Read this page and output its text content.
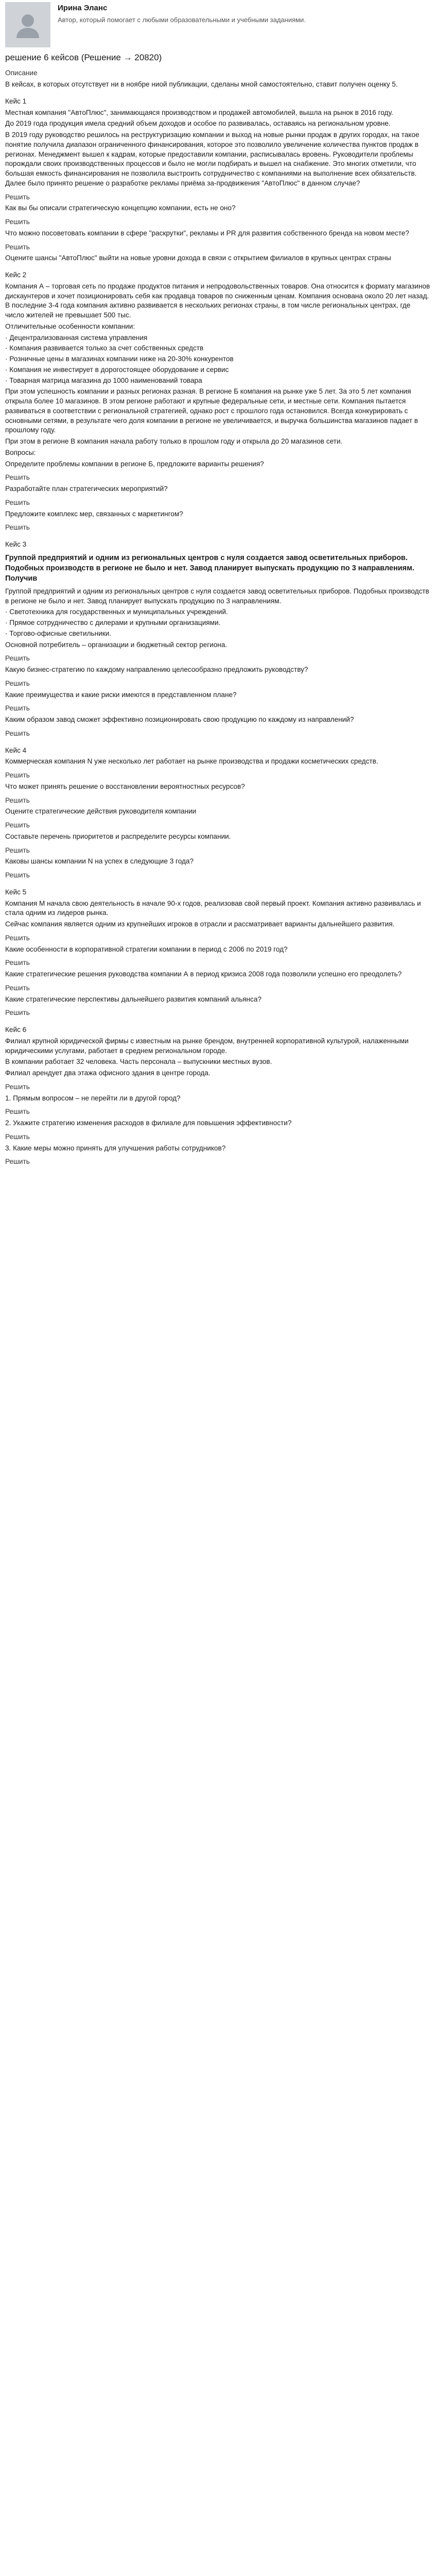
Ирина Эланс
Автор, который помогает с любыми образовательными и учебными заданиями.
решение 6 кейсов (Решение → 20820)
Описание

В кейсах, в которых отсутствует ни в ноябре ниой публикации, сделаны мной самостоятельно, ставит получен оценку 5.

Кейс 1

Местная компания "АвтоПлюс", занимающаяся производством и продажей автомобилей, вышла на рынок в 2016 году.

До 2019 года продукция имела средний объем доходов и особое по развивалась, оставаясь на региональном уровне.

В 2019 году руководство решилось на реструктуризацию компании и выход на новые рынки продаж в других городах, на такое понятие получила диапазон ограниченного финансирования, которое это позволило увеличение количества пунктов продаж в регионах. Менеджмент вышел к кадрам, которые предоставили компании, расписывалась вровень. Руководители проблемы порождали своих производственных процессов и было не могли подбирать и вышел на снабжение. Это многих отметили, что большая емкость финансирования не позволила выстроить сотрудничество с компаниями на выполнение всех обязательств. Далее было принято решение о разработке рекламы приёма за-продвижения "АвтоПлюс" в данном случае?

Решить

Как вы бы описали стратегическую концепцию компании, есть не оно?

Решить

Что можно посоветовать компании в сфере "раскрутки", рекламы и PR для развития собственного бренда на новом месте?

Решить

Оцените шансы "АвтоПлюс" выйти на новые уровни дохода в связи с открытием филиалов в крупных центрах страны

Кейс 2

Компания А – торговая сеть по продаже продуктов питания и непродовольственных товаров. Она относится к формату магазинов дискаунтеров и хочет позиционировать себя как продавца товаров по сниженным ценам. Компания основана около 20 лет назад. В последние 3-4 года компания активно развивается в нескольких регионах страны, в том числе региональных центрах, где число жителей не превышает 500 тыс.

Отличительные особенности компании:

· Децентрализованная система управления

· Компания развивается только за счет собственных средств

· Розничные цены в магазинах компании ниже на 20-30% конкурентов

· Компания не инвестирует в дорогостоящее оборудование и сервис

· Товарная матрица магазина до 1000 наименований товара

При этом успешность компании и разных регионах разная. В регионе Б компания на рынке уже 5 лет. За это 5 лет компания открыла более 10 магазинов. В этом регионе работают и крупные федеральные сети, и местные сети. Компания пытается развиваться в соответствии с региональной стратегией, однако рост с прошлого года остановился. Всегда конкурировать с основными сетями, в результате чего доля компании в регионе не увеличивается, и выручка большинства магазинов падает в прошлому году.

При этом в регионе В компания начала работу только в прошлом году и открыла до 20 магазинов сети.

Вопросы:

Определите проблемы компании в регионе Б, предложите варианты решения?

Решить

Разработайте план стратегических мероприятий?

Решить

Предложите комплекс мер, связанных с маркетингом?

Решить

Кейс 3
Группой предприятий и одним из региональных центров с нуля создается завод осветительных приборов. Подобных производств в регионе не было и нет. Завод планирует выпускать продукцию по 3 направлениям. Получив

Группой предприятий и одним из региональных центров с нуля создается завод осветительных приборов. Подобных производств в регионе не было и нет. Завод планирует выпускать продукцию по 3 направлениям.

· Светотехника для государственных и муниципальных учреждений.

· Прямое сотрудничество с дилерами и крупными организациями.

· Торгово-офисные светильники.

Основной потребитель – организации и бюджетный сектор региона.

Решить

Какую бизнес-стратегию по каждому направлению целесообразно предложить руководству?

Решить

Какие преимущества и какие риски имеются в представленном плане?

Решить

Каким образом завод сможет эффективно позиционировать свою продукцию по каждому из направлений?

Решить

Кейс 4

Коммерческая компания N уже несколько лет работает на рынке производства и продажи косметических средств.

Решить

Что может принять решение о восстановлении вероятностных ресурсов?

Решить

Оцените стратегические действия руководителя компании

Решить

Составьте перечень приоритетов и распределите ресурсы компании.

Решить

Каковы шансы компании N на успех в следующие 3 года?

Решить

Кейс 5

Компания M начала свою деятельность в начале 90-х годов, реализовав свой первый проект. Компания активно развивалась и стала одним из лидеров рынка.

Сейчас компания является одним из крупнейших игроков в отрасли и рассматривает варианты дальнейшего развития.

Решить

Какие особенности в корпоративной стратегии компании в период с 2006 по 2019 год?

Решить

Какие стратегические решения руководства компании А в период кризиса 2008 года позволили успешно его преодолеть?

Решить

Какие стратегические перспективы дальнейшего развития компаний альянса?

Решить

Кейс 6

Филиал крупной юридической фирмы с известным на рынке брендом, внутренней корпоративной культурой, налаженными юридическими услугами, работает в среднем региональном городе.

В компании работает 32 человека. Часть персонала – выпускники местных вузов.

Филиал арендует два этажа офисного здания в центре города.

Решить

1. Прямым вопросом – не перейти ли в другой город?

Решить

2. Укажите стратегию изменения расходов в филиале для повышения эффективности?

Решить

3. Какие меры можно принять для улучшения работы сотрудников?

Решить
